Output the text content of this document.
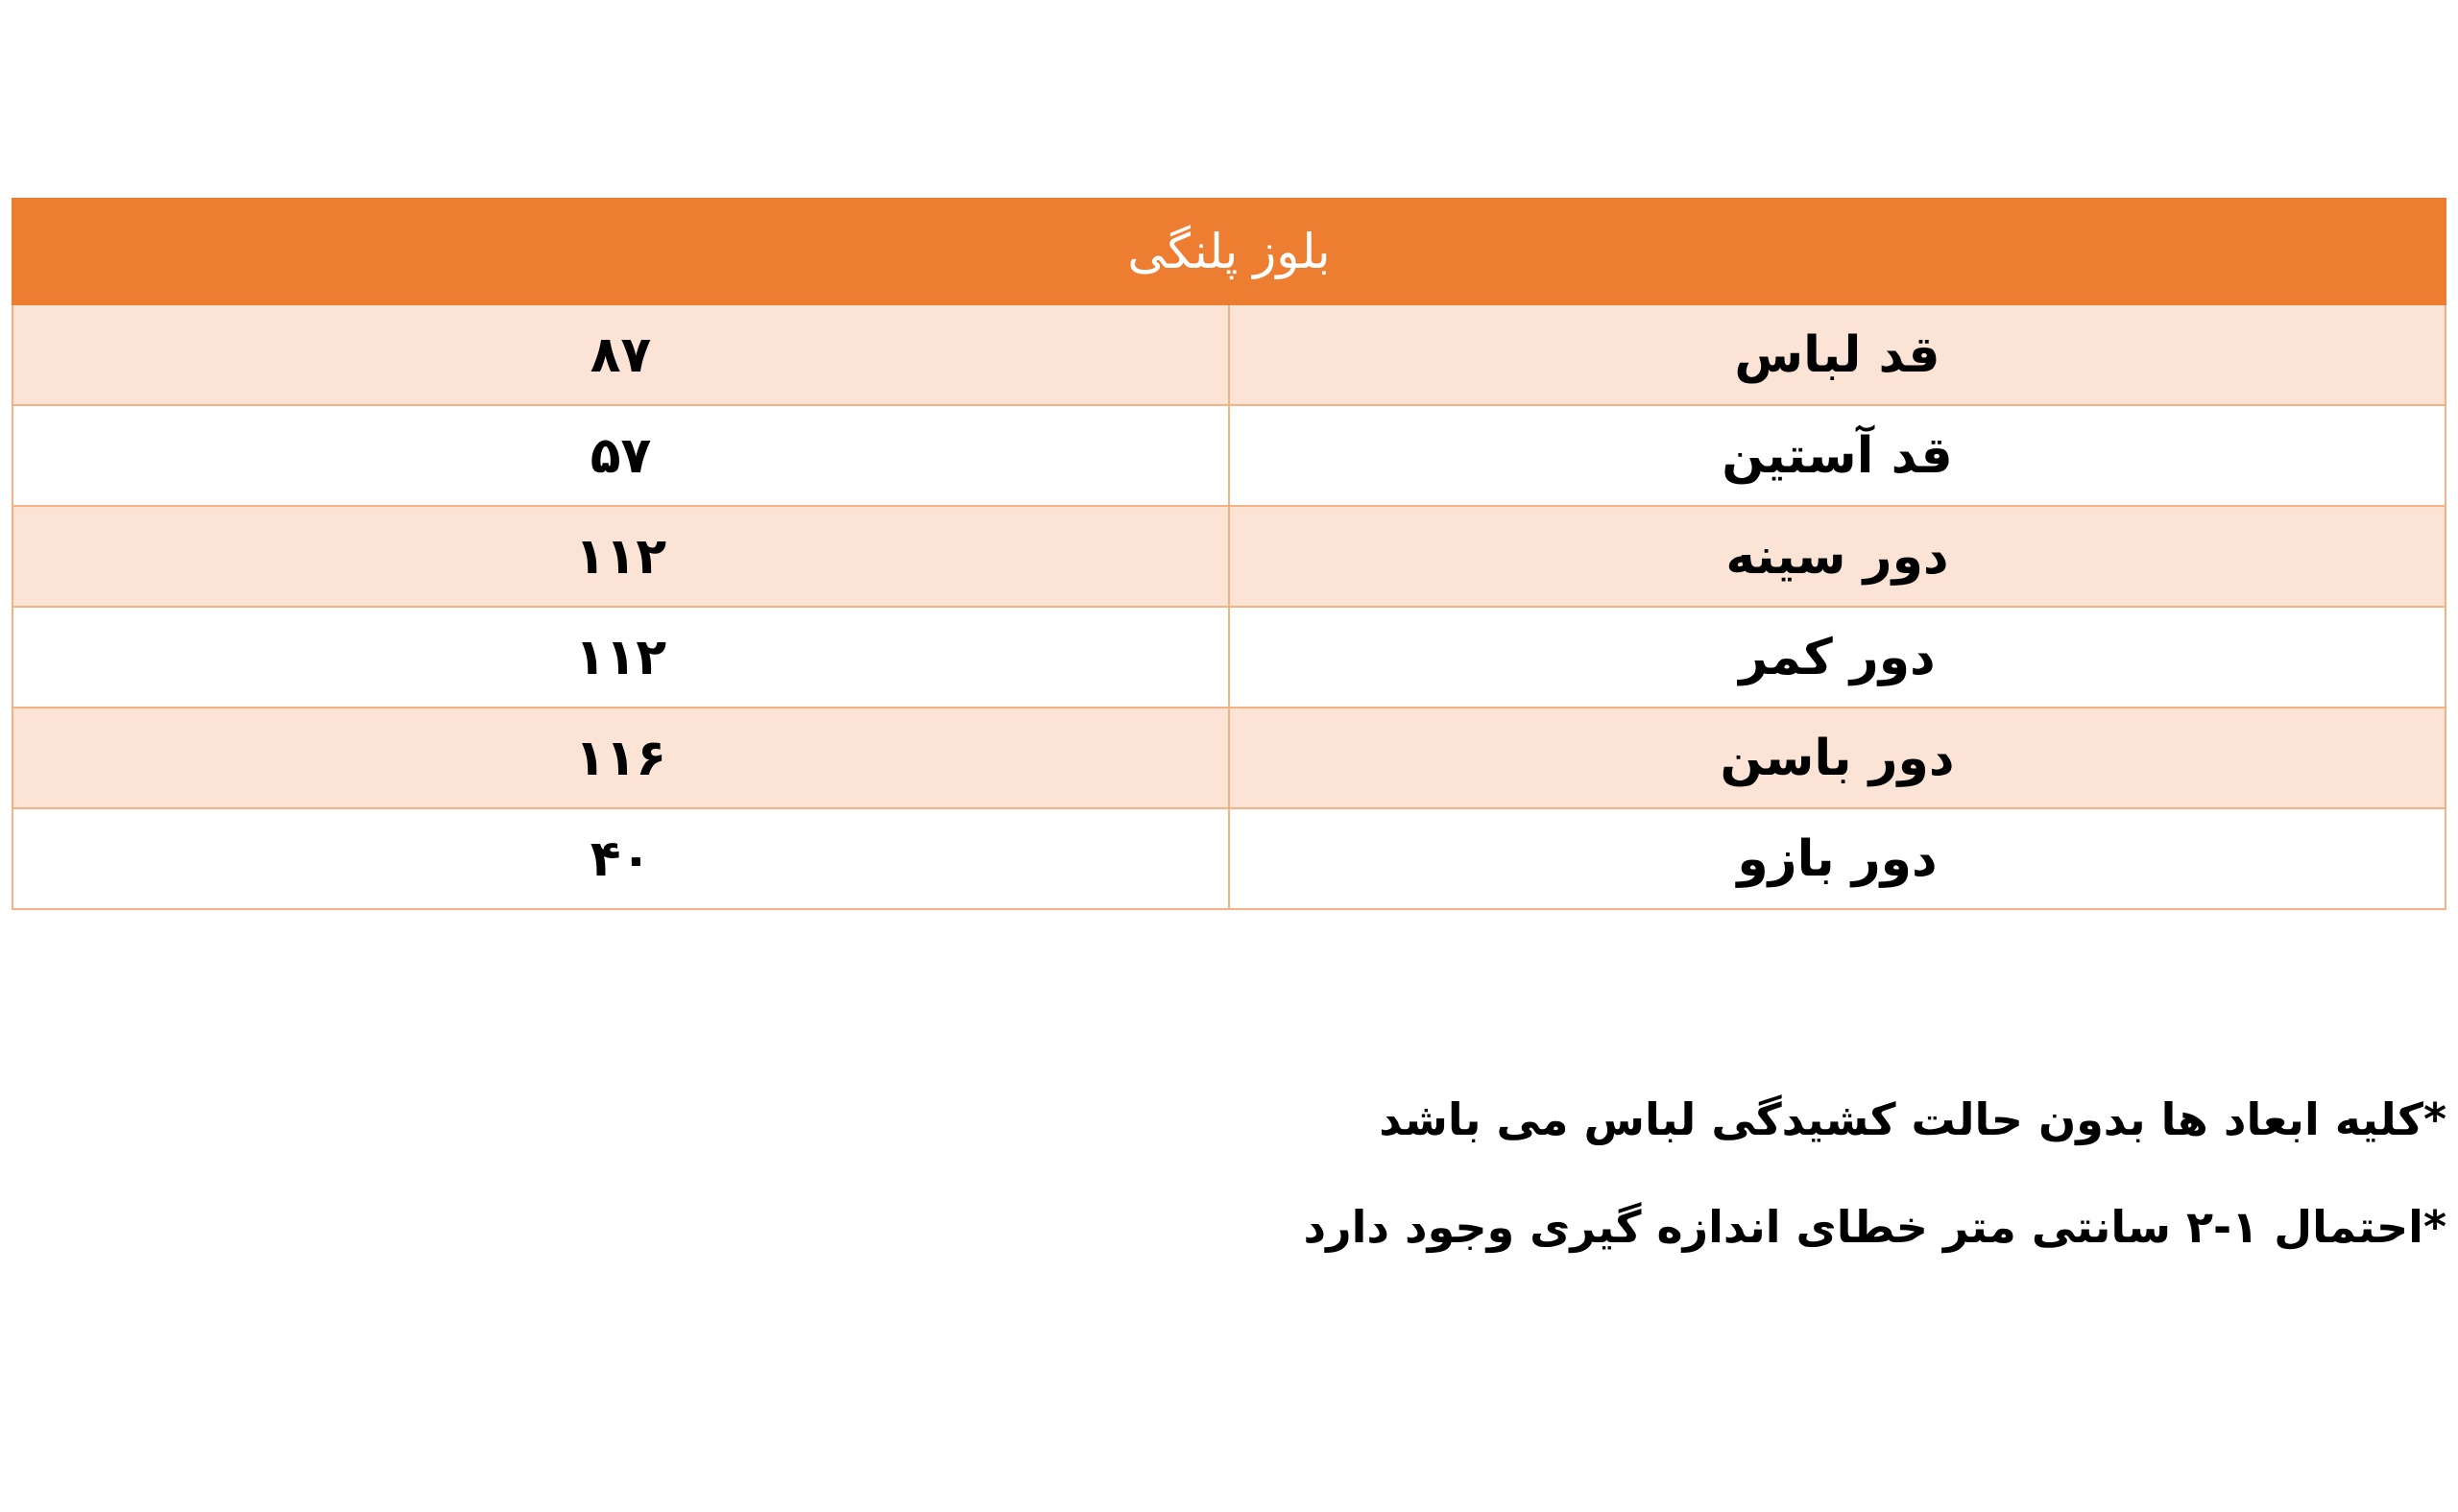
بلوز پلنگی	
قد لباس	۸۷
قد آستین	۵۷
دور سینه	۱۱۲
دور کمر	۱۱۲
دور باسن	۱۱۶
دور بازو	۴۰
*کلیه ابعاد ها بدون حالت کشیدگی لباس می باشد
*احتمال ۱-۲ سانتی متر خطای اندازه گیری وجود دارد
